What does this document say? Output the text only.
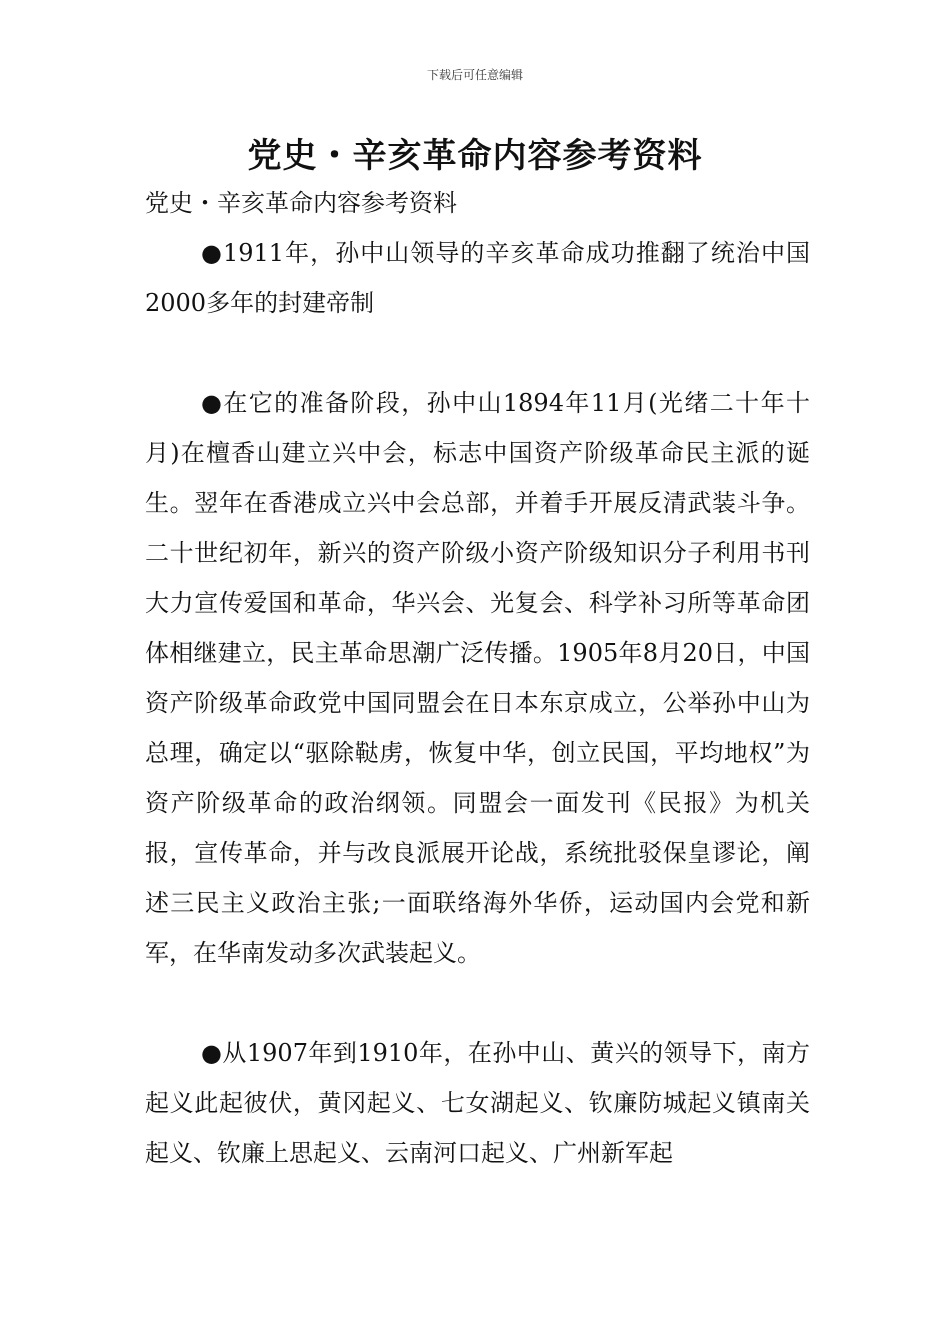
下载后可任意编辑
党史・辛亥革命内容参考资料

党史・辛亥革命内容参考资料

●1911年，孙中山领导的辛亥革命成功推翻了统治中国2000多年的封建帝制

●在它的准备阶段，孙中山1894年11月(光绪二十年十月)在檀香山建立兴中会，标志中国资产阶级革命民主派的诞生。翌年在香港成立兴中会总部，并着手开展反清武装斗争。二十世纪初年，新兴的资产阶级小资产阶级知识分子利用书刊大力宣传爱国和革命，华兴会、光复会、科学补习所等革命团体相继建立，民主革命思潮广泛传播。1905年8月20日，中国资产阶级革命政党中国同盟会在日本东京成立，公举孙中山为总理，确定以“驱除鞑虏，恢复中华，创立民国，平均地权”为资产阶级革命的政治纲领。同盟会一面发刊《民报》为机关报，宣传革命，并与改良派展开论战，系统批驳保皇谬论，阐述三民主义政治主张;一面联络海外华侨，运动国内会党和新军，在华南发动多次武装起义。

●从1907年到1910年，在孙中山、黄兴的领导下，南方起义此起彼伏，黄冈起义、七女湖起义、钦廉防城起义镇南关起义、钦廉上思起义、云南河口起义、广州新军起
